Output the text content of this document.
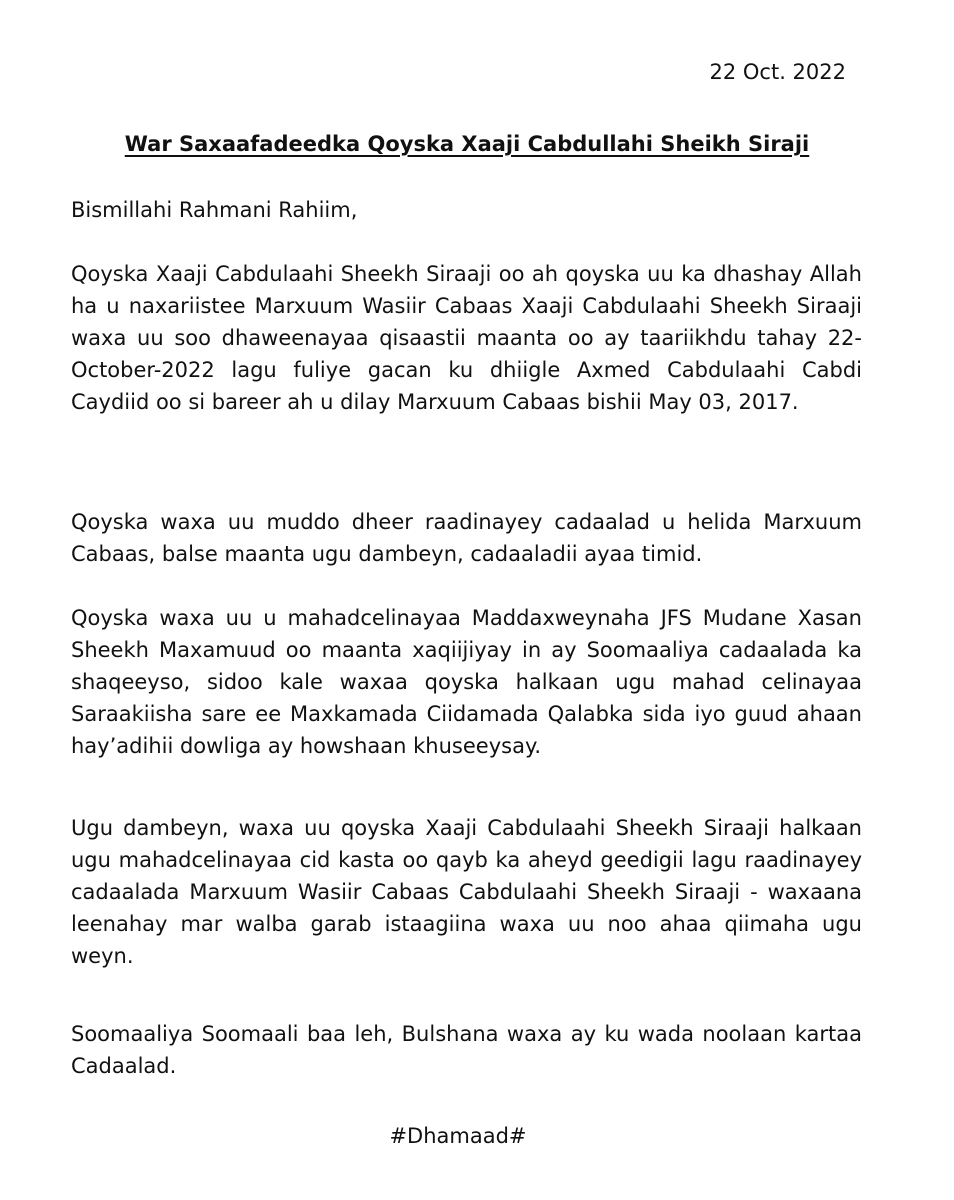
22 Oct. 2022
War Saxaafadeedka Qoyska Xaaji Cabdullahi Sheikh Siraji
Bismillahi Rahmani Rahiim,
Qoyska Xaaji Cabdulaahi Sheekh Siraaji oo ah qoyska uu ka dhashay Allah ha u naxariistee Marxuum Wasiir Cabaas Xaaji Cabdulaahi Sheekh Siraaji waxa uu soo dhaweenayaa qisaastii maanta oo ay taariikhdu tahay 22-October-2022 lagu fuliye gacan ku dhiigle Axmed Cabdulaahi Cabdi Caydiid oo si bareer ah u dilay Marxuum Cabaas bishii May 03, 2017.
Qoyska waxa uu muddo dheer raadinayey cadaalad u helida Marxuum Cabaas, balse maanta ugu dambeyn, cadaaladii ayaa timid.
Qoyska waxa uu u mahadcelinayaa Maddaxweynaha JFS Mudane Xasan Sheekh Maxamuud oo maanta xaqiijiyay in ay Soomaaliya cadaalada ka shaqeeyso, sidoo kale waxaa qoyska halkaan ugu mahad celinayaa Saraakiisha sare ee Maxkamada Ciidamada Qalabka sida iyo guud ahaan hay’adihii dowliga ay howshaan khuseeysay.
Ugu dambeyn, waxa uu qoyska Xaaji Cabdulaahi Sheekh Siraaji halkaan ugu mahadcelinayaa cid kasta oo qayb ka aheyd geedigii lagu raadinayey cadaalada Marxuum Wasiir Cabaas Cabdulaahi Sheekh Siraaji - waxaana leenahay mar walba garab istaagiina waxa uu noo ahaa qiimaha ugu weyn.
Soomaaliya Soomaali baa leh, Bulshana waxa ay ku wada noolaan kartaa Cadaalad.
#Dhamaad#
